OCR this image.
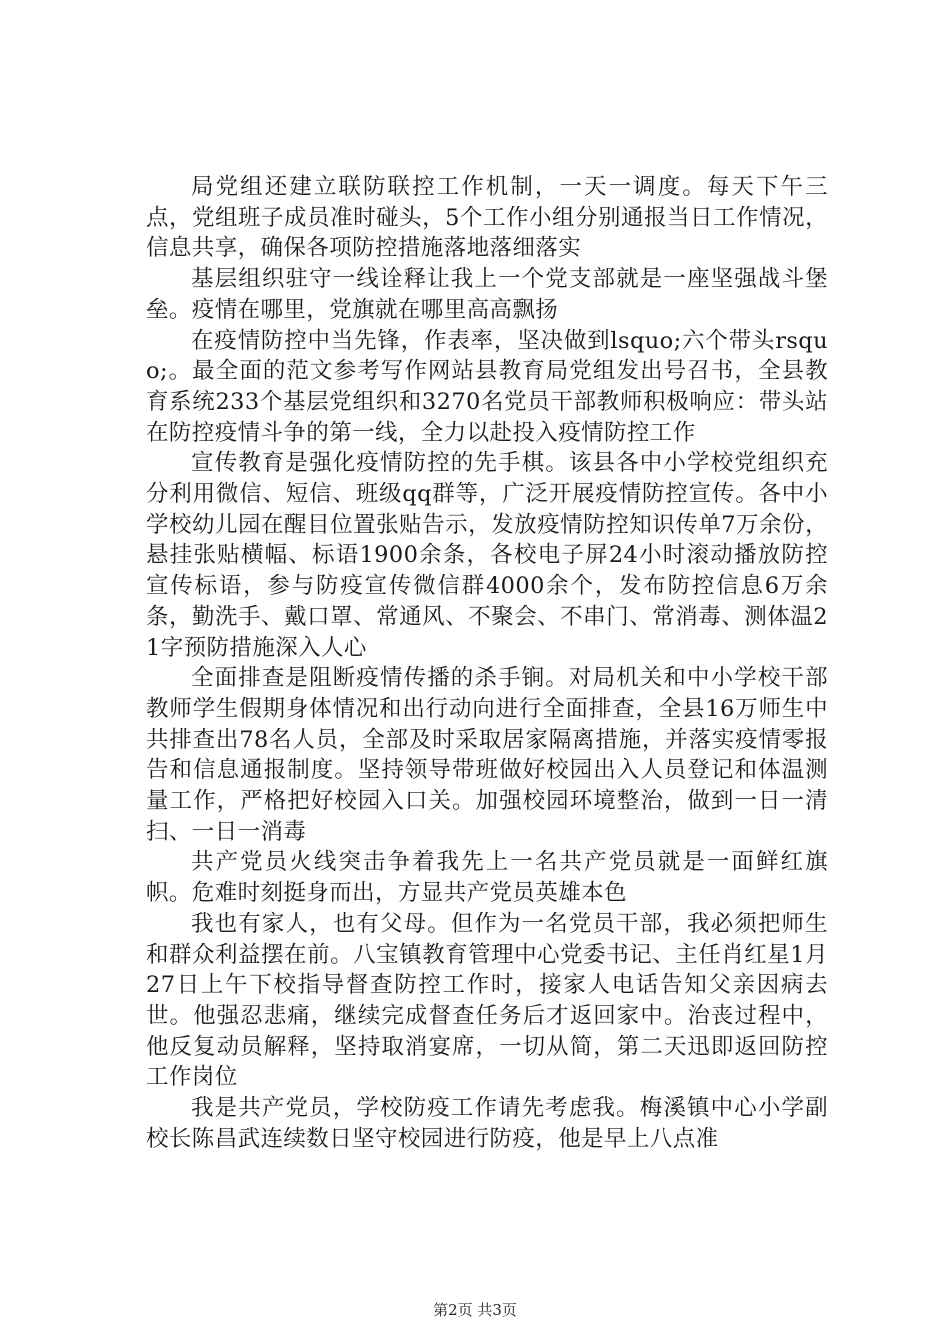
局党组还建立联防联控工作机制，一天一调度。每天下午三点，党组班子成员准时碰头，5个工作小组分别通报当日工作情况，信息共享，确保各项防控措施落地落细落实

基层组织驻守一线诠释让我上一个党支部就是一座坚强战斗堡垒。疫情在哪里，党旗就在哪里高高飘扬

在疫情防控中当先锋，作表率，坚决做到lsquo;六个带头rsquo;。最全面的范文参考写作网站县教育局党组发出号召书，全县教育系统233个基层党组织和3270名党员干部教师积极响应：带头站在防控疫情斗争的第一线，全力以赴投入疫情防控工作

宣传教育是强化疫情防控的先手棋。该县各中小学校党组织充分利用微信、短信、班级qq群等，广泛开展疫情防控宣传。各中小学校幼儿园在醒目位置张贴告示，发放疫情防控知识传单7万余份，悬挂张贴横幅、标语1900余条，各校电子屏24小时滚动播放防控宣传标语，参与防疫宣传微信群4000余个，发布防控信息6万余条，勤洗手、戴口罩、常通风、不聚会、不串门、常消毒、测体温21字预防措施深入人心

全面排查是阻断疫情传播的杀手锏。对局机关和中小学校干部教师学生假期身体情况和出行动向进行全面排查，全县16万师生中共排查出78名人员，全部及时采取居家隔离措施，并落实疫情零报告和信息通报制度。坚持领导带班做好校园出入人员登记和体温测量工作，严格把好校园入口关。加强校园环境整治，做到一日一清扫、一日一消毒

共产党员火线突击争着我先上一名共产党员就是一面鲜红旗帜。危难时刻挺身而出，方显共产党员英雄本色

我也有家人，也有父母。但作为一名党员干部，我必须把师生和群众利益摆在前。八宝镇教育管理中心党委书记、主任肖红星1月27日上午下校指导督查防控工作时，接家人电话告知父亲因病去世。他强忍悲痛，继续完成督查任务后才返回家中。治丧过程中，他反复动员解释，坚持取消宴席，一切从简，第二天迅即返回防控工作岗位

我是共产党员，学校防疫工作请先考虑我。梅溪镇中心小学副校长陈昌武连续数日坚守校园进行防疫，他是早上八点准

第2页 共3页
